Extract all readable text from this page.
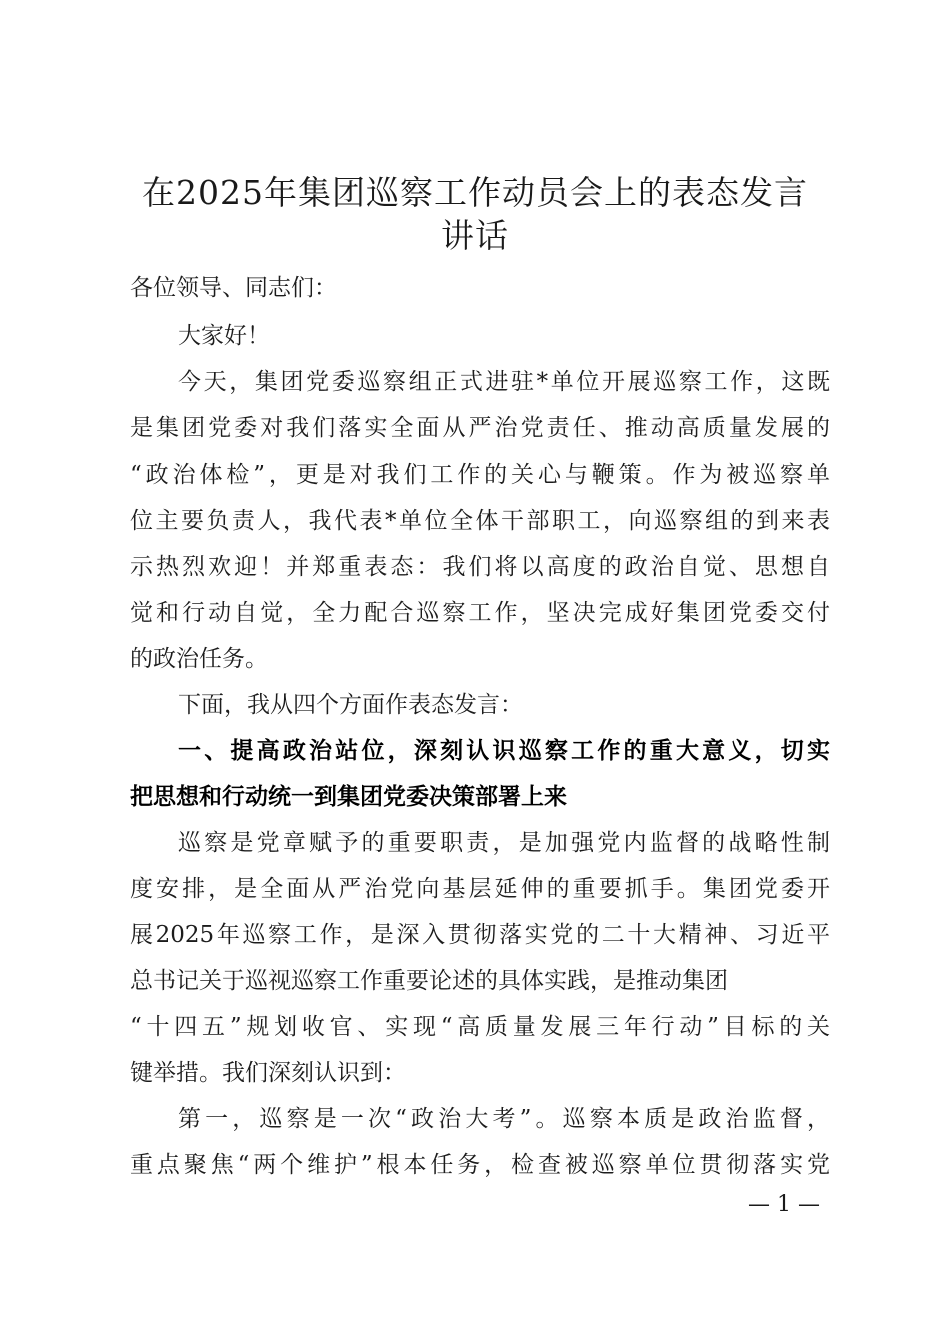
在2025年集团巡察工作动员会上的表态发言
讲话
各位领导、同志们：
大家好！
今天，集团党委巡察组正式进驻*单位开展巡察工作，这既
是集团党委对我们落实全面从严治党责任、推动高质量发展的
“政治体检”，更是对我们工作的关心与鞭策。作为被巡察单
位主要负责人，我代表*单位全体干部职工，向巡察组的到来表
示热烈欢迎！并郑重表态：我们将以高度的政治自觉、思想自
觉和行动自觉，全力配合巡察工作，坚决完成好集团党委交付
的政治任务。
下面，我从四个方面作表态发言：
一、提高政治站位，深刻认识巡察工作的重大意义，切实
把思想和行动统一到集团党委决策部署上来
巡察是党章赋予的重要职责，是加强党内监督的战略性制
度安排，是全面从严治党向基层延伸的重要抓手。集团党委开
展2025年巡察工作，是深入贯彻落实党的二十大精神、习近平
总书记关于巡视巡察工作重要论述的具体实践，是推动集团
“十四五”规划收官、实现“高质量发展三年行动”目标的关
键举措。我们深刻认识到：
第一，巡察是一次“政治大考”。巡察本质是政治监督，
重点聚焦“两个维护”根本任务，检查被巡察单位贯彻落实党
— 1 —
